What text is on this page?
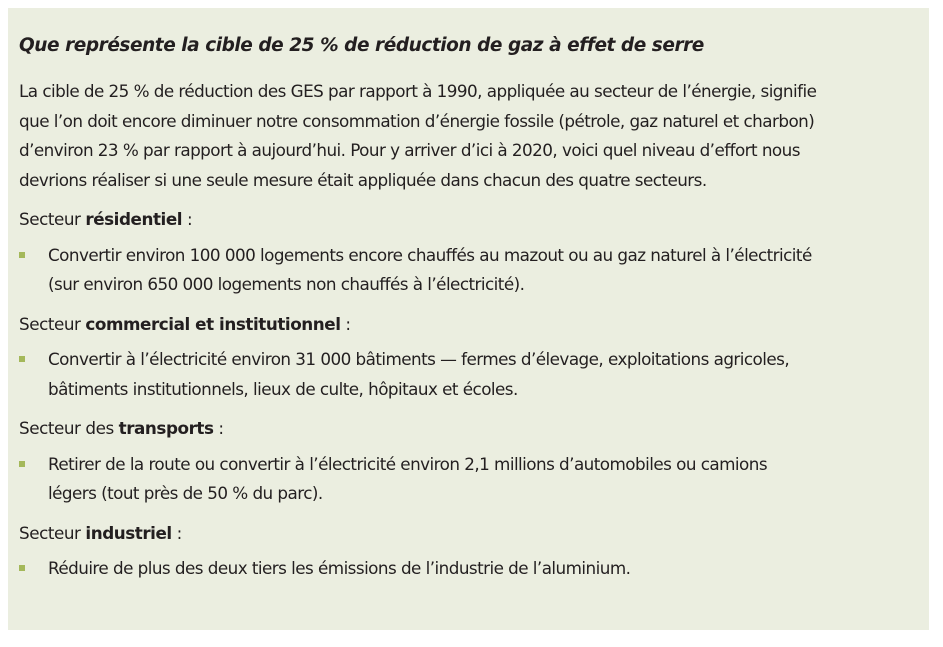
Que représente la cible de 25 % de réduction de gaz à effet de serre

La cible de 25 % de réduction des GES par rapport à 1990, appliquée au secteur de l’énergie, signifie
que l’on doit encore diminuer notre consommation d’énergie fossile (pétrole, gaz naturel et charbon)
d’environ 23 % par rapport à aujourd’hui. Pour y arriver d’ici à 2020, voici quel niveau d’effort nous
devrions réaliser si une seule mesure était appliquée dans chacun des quatre secteurs.

Secteur résidentiel :

Convertir environ 100 000 logements encore chauffés au mazout ou au gaz naturel à l’électricité
(sur environ 650 000 logements non chauffés à l’électricité).

Secteur commercial et institutionnel :

Convertir à l’électricité environ 31 000 bâtiments — fermes d’élevage, exploitations agricoles,
bâtiments institutionnels, lieux de culte, hôpitaux et écoles.

Secteur des transports :

Retirer de la route ou convertir à l’électricité environ 2,1 millions d’automobiles ou camions
légers (tout près de 50 % du parc).

Secteur industriel :

Réduire de plus des deux tiers les émissions de l’industrie de l’aluminium.
